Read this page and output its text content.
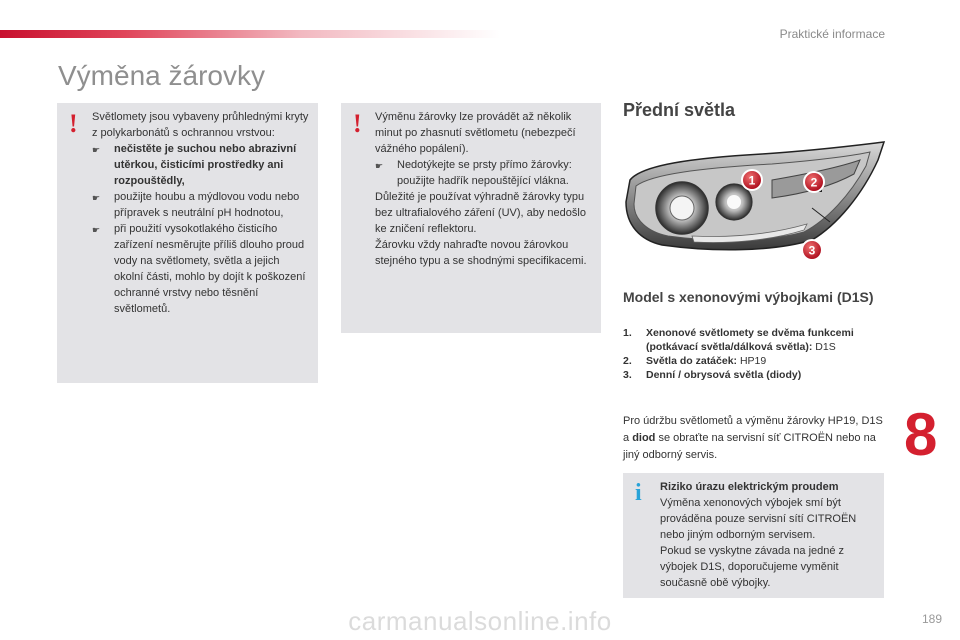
Praktické informace
Výměna žárovky
! Světlomety jsou vybaveny průhlednými kryty z polykarbonátů s ochrannou vrstvou:

☛	nečistěte je suchou nebo abrazivní utěrkou, čisticími prostředky ani rozpouštědly,
☛	použijte houbu a mýdlovou vodu nebo přípravek s neutrální pH hodnotou,
☛	při použití vysokotlakého čisticího zařízení nesměrujte příliš dlouho proud vody na světlomety, světla a jejich okolní části, mohlo by dojít k poškození ochranné vrstvy nebo těsnění světlometů.
! Výměnu žárovky lze provádět až několik minut po zhasnutí světlometu (nebezpečí vážného popálení).

☛	Nedotýkejte se prsty přímo žárovky: použijte hadřík nepouštějící vlákna.

Důležité je používat výhradně žárovky typu bez ultrafialového záření (UV), aby nedošlo ke zničení reflektoru.

Žárovku vždy nahraďte novou žárovkou stejného typu a se shodnými specifikacemi.

Přední světla
1	2
3
Model s xenonovými výbojkami (D1S)
1.	Xenonové světlomety se dvěma funkcemi (potkávací světla/dálková světla): D1S
2.	Světla do zatáček: HP19
3.	Denní / obrysová světla (diody)

Pro údržbu světlometů a výměnu žárovky HP19, D1S a diod se obraťte na servisní síť CITROËN nebo na jiný odborný servis.	8
i Riziko úrazu elektrickým proudem

Výměna xenonových výbojek smí být prováděna pouze servisní sítí CITROËN nebo jiným odborným servisem.

Pokud se vyskytne závada na jedné z výbojek D1S, doporučujeme vyměnit současně obě výbojky.

carmanualsonline.info	189
